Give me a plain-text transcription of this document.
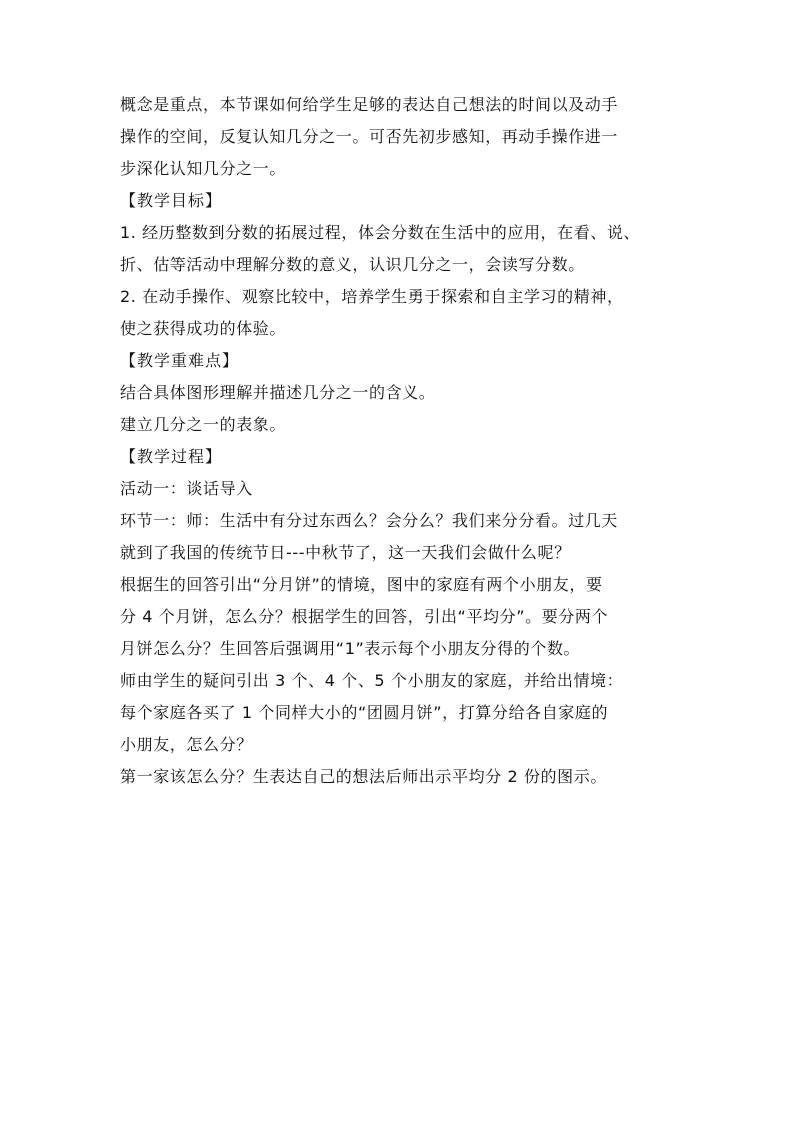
概念是重点，本节课如何给学生足够的表达自己想法的时间以及动手
操作的空间，反复认知几分之一。可否先初步感知，再动手操作进一
步深化认知几分之一。
【教学目标】
1. 经历整数到分数的拓展过程，体会分数在生活中的应用，在看、说、
折、估等活动中理解分数的意义，认识几分之一，会读写分数。
2. 在动手操作、观察比较中，培养学生勇于探索和自主学习的精神，
使之获得成功的体验。
【教学重难点】
结合具体图形理解并描述几分之一的含义。
建立几分之一的表象。
【教学过程】
活动一：谈话导入
环节一：师：生活中有分过东西么？会分么？我们来分分看。过几天
就到了我国的传统节日---中秋节了，这一天我们会做什么呢？
根据生的回答引出“分月饼”的情境，图中的家庭有两个小朋友，要
分 4 个月饼，怎么分？根据学生的回答，引出“平均分”。要分两个
月饼怎么分？生回答后强调用“1”表示每个小朋友分得的个数。
师由学生的疑问引出 3 个、4 个、5 个小朋友的家庭，并给出情境：
每个家庭各买了 1 个同样大小的“团圆月饼”，打算分给各自家庭的
小朋友，怎么分？
第一家该怎么分？生表达自己的想法后师出示平均分 2 份的图示。
